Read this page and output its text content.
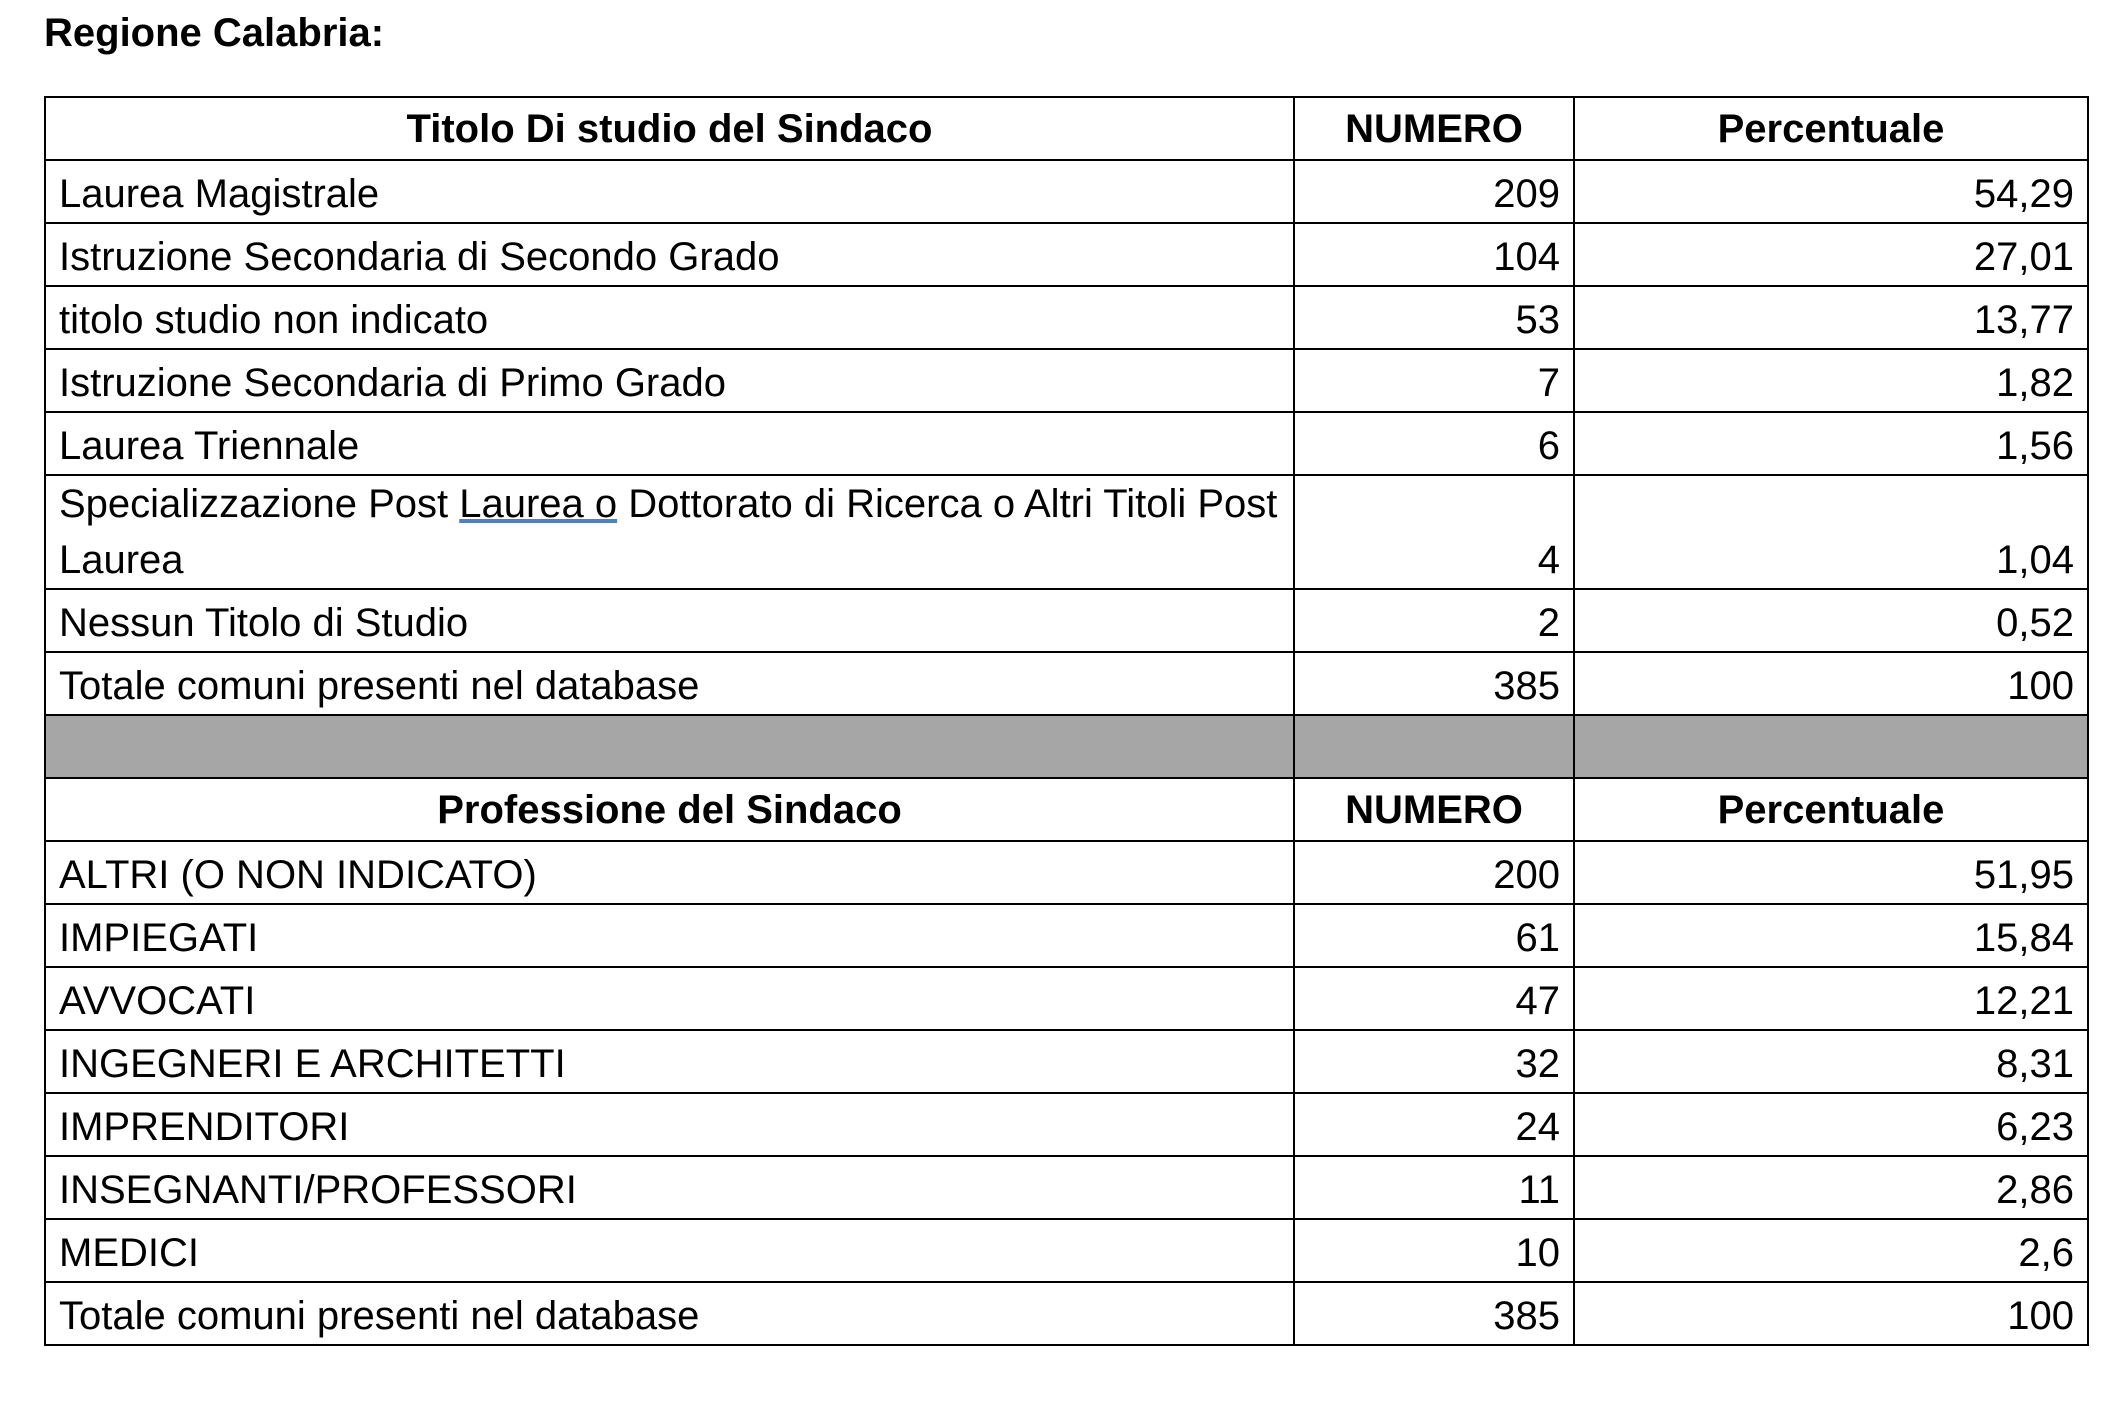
Regione Calabria:
Titolo Di studio del Sindaco	NUMERO	Percentuale
Laurea Magistrale	209	54,29
Istruzione Secondaria di Secondo Grado	104	27,01
titolo studio non indicato	53	13,77
Istruzione Secondaria di Primo Grado	7	1,82
Laurea Triennale	6	1,56
Specializzazione Post Laurea o Dottorato di Ricerca o Altri Titoli Post Laurea	4	1,04
Nessun Titolo di Studio	2	0,52
Totale comuni presenti nel database	385	100

Professione del Sindaco	NUMERO	Percentuale
ALTRI (O NON INDICATO)	200	51,95
IMPIEGATI	61	15,84
AVVOCATI	47	12,21
INGEGNERI E ARCHITETTI	32	8,31
IMPRENDITORI	24	6,23
INSEGNANTI/PROFESSORI	11	2,86
MEDICI	10	2,6
Totale comuni presenti nel database	385	100
